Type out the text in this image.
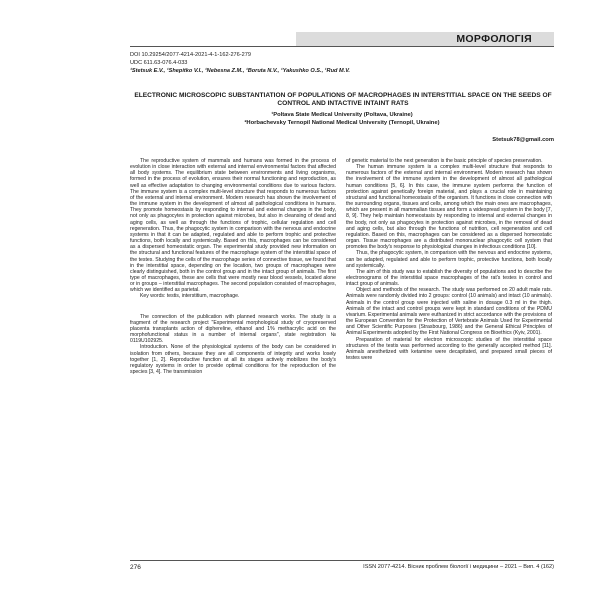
МОРФОЛОГІЯ
DOI 10.29254/2077-4214-2021-4-1-162-276-279
UDC 611.63-076.4-033
¹Stetsuk E.V., ¹Shepitko V.I., ¹Nebesna Z.M., ¹Boruta N.V., ¹Yakushko O.S., ¹Rud M.V.
ELECTRONIC MICROSCOPIC SUBSTANTIATION OF POPULATIONS OF MACROPHAGES IN INTERSTITIAL SPACE ON THE SEEDS OF CONTROL AND INTACTIVE INTAINT RATS
¹Poltava State Medical University (Poltava, Ukraine)
²Horbachevsky Ternopil National Medical University (Ternopil, Ukraine)
Stetsuk78@gmail.com

The reproductive system of mammals and humans was formed in the process of evolution in close interaction with external and internal environmental factors that affected all body systems. The equilibrium state between environments and living organisms, formed in the process of evolution, ensures their normal functioning and reproduction, as well as effective adaptation to changing environmental conditions due to various factors. The immune system is a complex multi-level structure that responds to numerous factors of the external and internal environment. Modern research has shown the involvement of the immune system in the development of almost all pathological conditions in humans. They promote homeostasis by responding to internal and external changes in the body, not only as phagocytes in protection against microbes, but also in cleansing of dead and aging cells, as well as through the functions of trophic, cellular regulation and cell regeneration. Thus, the phagocytic system in comparison with the nervous and endocrine systems in that it can be adapted, regulated and able to perform trophic and protective functions, both locally and systemically. Based on this, macrophages can be considered as a dispersed homeostatic organ. The experimental study provided new information on the structural and functional features of the macrophage system of the interstitial space of the testes. Studying the cells of the macrophage series of connective tissue, we found that in the interstitial space, depending on the location, two groups of macrophages were clearly distinguished, both in the control group and in the intact group of animals. The first type of macrophages, these are cells that were mostly near blood vessels, located alone or in groups – interstitial macrophages. The second population consisted of macrophages, which we identified as parietal.

Key words: testis, interstitium, macrophage.

The connection of the publication with planned research works. The study is a fragment of the research project "Experimental morphological study of cryopreserved placenta transplants action of diphereline, ethanol and 1% methacrylic acid on the morphofunctional status in a number of internal organs", state registration № 0119U102925.

Introduction. None of the physiological systems of the body can be considered in isolation from others, because they are all components of integrity and works losely together [1, 2]. Reproductive function at all its stages actively mobilizes the body's regulatory systems in order to provide optimal conditions for the reproduction of the species [3, 4]. The transmission

of genetic material to the next generation is the basic principle of species preservation.

The human immune system is a complex multi-level structure that responds to numerous factors of the external and internal environment. Modern research has shown the involvement of the immune system in the development of almost all pathological human conditions [5, 6]. In this case, the immune system performs the function of protection against genetically foreign material, and plays a crucial role in maintaining structural and functional homeostasis of the organism. It functions in close connection with the surrounding organs, tissues and cells, among which the main ones are macrophages, which are present in all mammalian tissues and form a widespread system in the body [7, 8, 9]. They help maintain homeostasis by responding to internal and external changes in the body, not only as phagocytes in protection against microbes, in the removal of dead and aging cells, but also through the functions of nutrition, cell regeneration and cell regulation. Based on this, macrophages can be considered as a dispersed homeostatic organ. Tissue macrophages are a distributed mononuclear phagocytic cell system that promotes the body's response to physiological changes in infectious conditions [10].

Thus, the phagocytic system, in comparison with the nervous and endocrine systems, can be adapted, regulated and able to perform trophic, protective functions, both locally and systemically.

The aim of this study was to establish the diversity of populations and to describe the electronograms of the interstitial space macrophages of the rat's testes in control and intact group of animals.

Object and methods of the research. The study was performed on 20 adult male rats. Animals were randomly divided into 2 groups: control (10 animals) and intact (10 animals). Animals in the control group were injected with saline in dosage 0.3 ml in the thigh. Animals of the intact and control groups were kept in standard conditions of the PDMU vivarium. Experimental animals were euthanized in strict accordance with the provisions of the European Convention for the Protection of Vertebrate Animals Used for Experimental and Other Scientific Purposes (Strasbourg, 1986) and the General Ethical Principles of Animal Experiments adopted by the First National Congress on Bioethics (Kyiv, 2001).

Preparation of material for electron microscopic studies of the interstitial space structures of the testis was performed according to the generally accepted method [11]. Animals anesthetized with ketamine were decapitated, and prepared small pieces of testes were

276	ISSN 2077-4214. Вісник проблем біології і медицини – 2021 – Вип. 4 (162)
